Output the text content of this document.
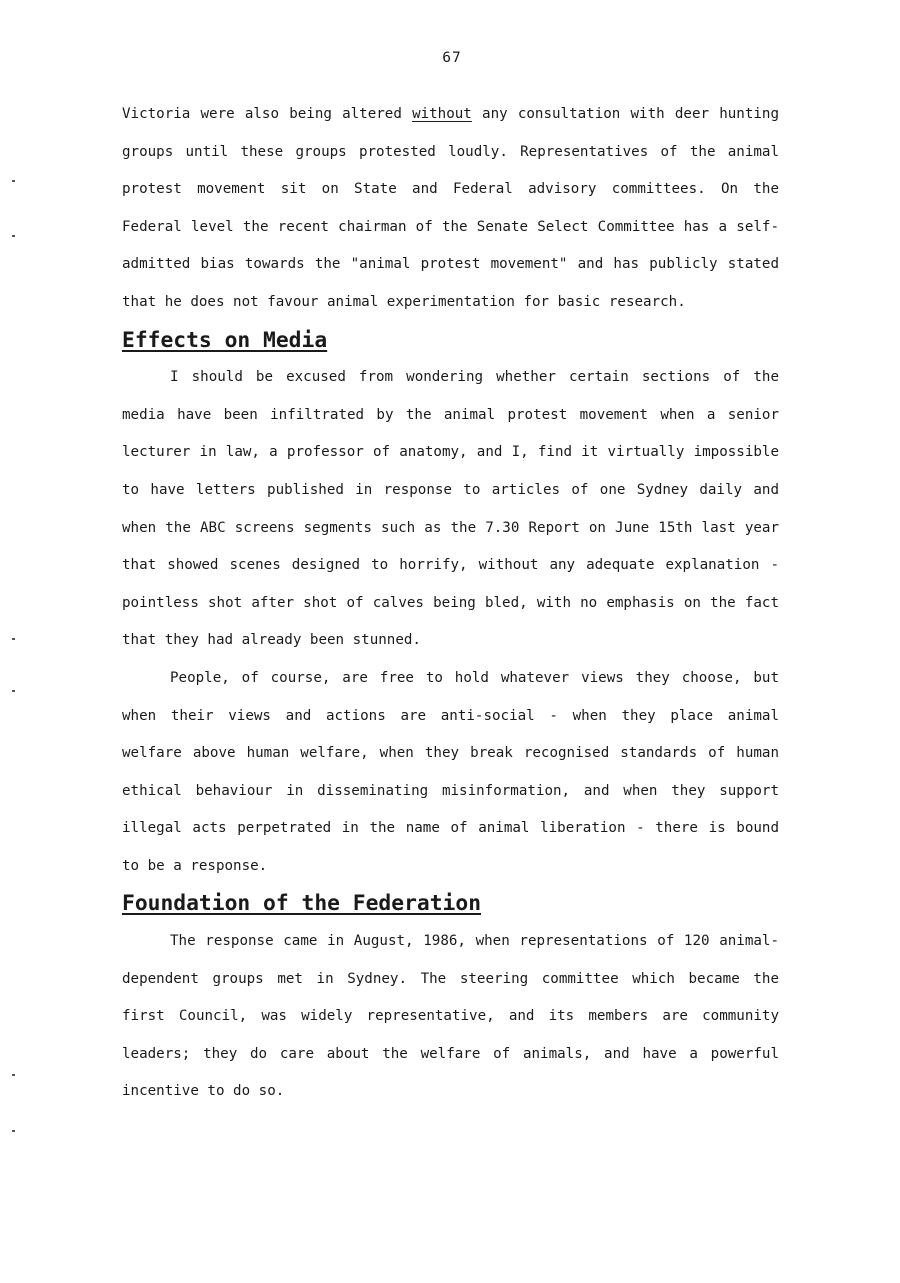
67

Victoria were also being altered without any consultation with deer hunting groups until these groups protested loudly. Representatives of the animal protest movement sit on State and Federal advisory committees. On the Federal level the recent chairman of the Senate Select Committee has a self-admitted bias towards the "animal protest movement" and has publicly stated that he does not favour animal experimentation for basic research.

Effects on Media

I should be excused from wondering whether certain sections of the media have been infiltrated by the animal protest movement when a senior lecturer in law, a professor of anatomy, and I, find it virtually impossible to have letters published in response to articles of one Sydney daily and when the ABC screens segments such as the 7.30 Report on June 15th last year that showed scenes designed to horrify, without any adequate explanation - pointless shot after shot of calves being bled, with no emphasis on the fact that they had already been stunned.

People, of course, are free to hold whatever views they choose, but when their views and actions are anti-social - when they place animal welfare above human welfare, when they break recognised standards of human ethical behaviour in disseminating misinformation, and when they support illegal acts perpetrated in the name of animal liberation - there is bound to be a response.

Foundation of the Federation

The response came in August, 1986, when representations of 120 animal-dependent groups met in Sydney. The steering committee which became the first Council, was widely representative, and its members are community leaders; they do care about the welfare of animals, and have a powerful incentive to do so.
